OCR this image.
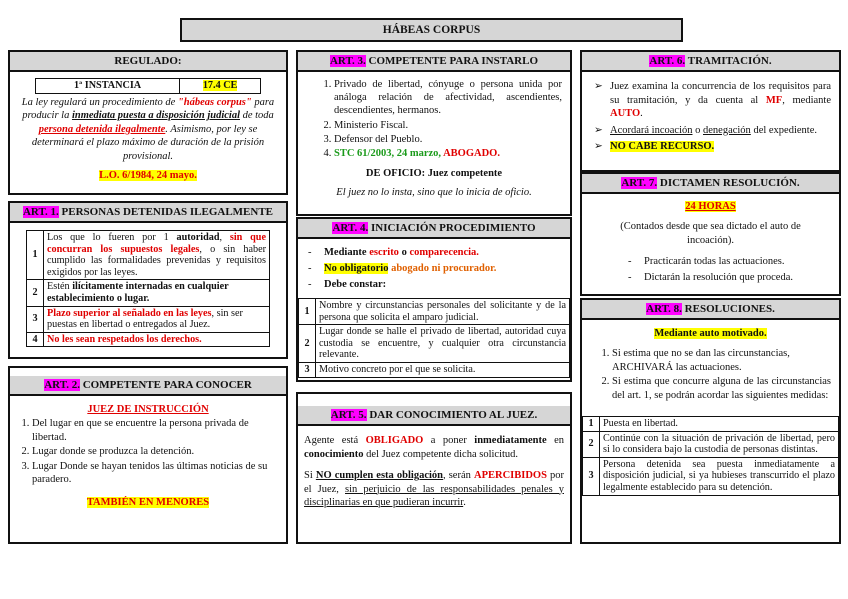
HÁBEAS CORPUS
REGULADO:
1ª INSTANCIA	17.4 CE
La ley regulará un procedimiento de "hábeas corpus" para producir la inmediata puesta a disposición judicial de toda persona detenida ilegalmente. Asimismo, por ley se determinará el plazo máximo de duración de la prisión provisional.
L.O. 6/1984, 24 mayo.
ART. 1. PERSONAS DETENIDAS ILEGALMENTE
1	Los que lo fueren por 1 autoridad, sin que concurran los supuestos legales, o sin haber cumplido las formalidades prevenidas y requisitos exigidos por las leyes.
2	Estén ilícitamente internadas en cualquier establecimiento o lugar.
3	Plazo superior al señalado en las leyes, sin ser puestas en libertad o entregados al Juez.
4	No les sean respetados los derechos.
ART. 2. COMPETENTE PARA CONOCER
JUEZ DE INSTRUCCIÓN
1. Del lugar en que se encuentre la persona privada de libertad.
2. Lugar donde se produzca la detención.
3. Lugar Donde se hayan tenidos las últimas noticias de su paradero.
TAMBIÉN EN MENORES
ART. 3. COMPETENTE PARA INSTARLO
1. Privado de libertad, cónyuge o persona unida por análoga relación de afectividad, ascendientes, descendientes, hermanos.
2. Ministerio Fiscal.
3. Defensor del Pueblo.
4. STC 61/2003, 24 marzo, ABOGADO.
DE OFICIO: Juez competente
El juez no lo insta, sino que lo inicia de oficio.
ART. 4. INICIACIÓN PROCEDIMIENTO
- Mediante escrito o comparecencia.
- No obligatorio abogado ni procurador.
- Debe constar:
1	Nombre y circunstancias personales del solicitante y de la persona que solicita el amparo judicial.
2	Lugar donde se halle el privado de libertad, autoridad cuya custodia se encuentre, y cualquier otra circunstancia relevante.
3	Motivo concreto por el que se solicita.
ART. 5. DAR CONOCIMIENTO AL JUEZ.
Agente está OBLIGADO a poner inmediatamente en conocimiento del Juez competente dicha solicitud.
Si NO cumplen esta obligación, serán APERCIBIDOS por el Juez, sin perjuicio de las responsabilidades penales y disciplinarias en que pudieran incurrir.
ART. 6. TRAMITACIÓN.
➢ Juez examina la concurrencia de los requisitos para su tramitación, y da cuenta al MF, mediante AUTO.
➢ Acordará incoación o denegación del expediente.
➢ NO CABE RECURSO.
ART. 7. DICTAMEN RESOLUCIÓN.
24 HORAS
(Contados desde que sea dictado el auto de incoación).
- Practicarán todas las actuaciones.
- Dictarán la resolución que proceda.
ART. 8. RESOLUCIONES.
Mediante auto motivado.
1. Si estima que no se dan las circunstancias, ARCHIVARÁ las actuaciones.
2. Si estima que concurre alguna de las circunstancias del art. 1, se podrán acordar las siguientes medidas:
1	Puesta en libertad.
2	Continúe con la situación de privación de libertad, pero si lo considera bajo la custodia de personas distintas.
3	Persona detenida sea puesta inmediatamente a disposición judicial, si ya hubieses transcurrido el plazo legalmente establecido para su detención.
